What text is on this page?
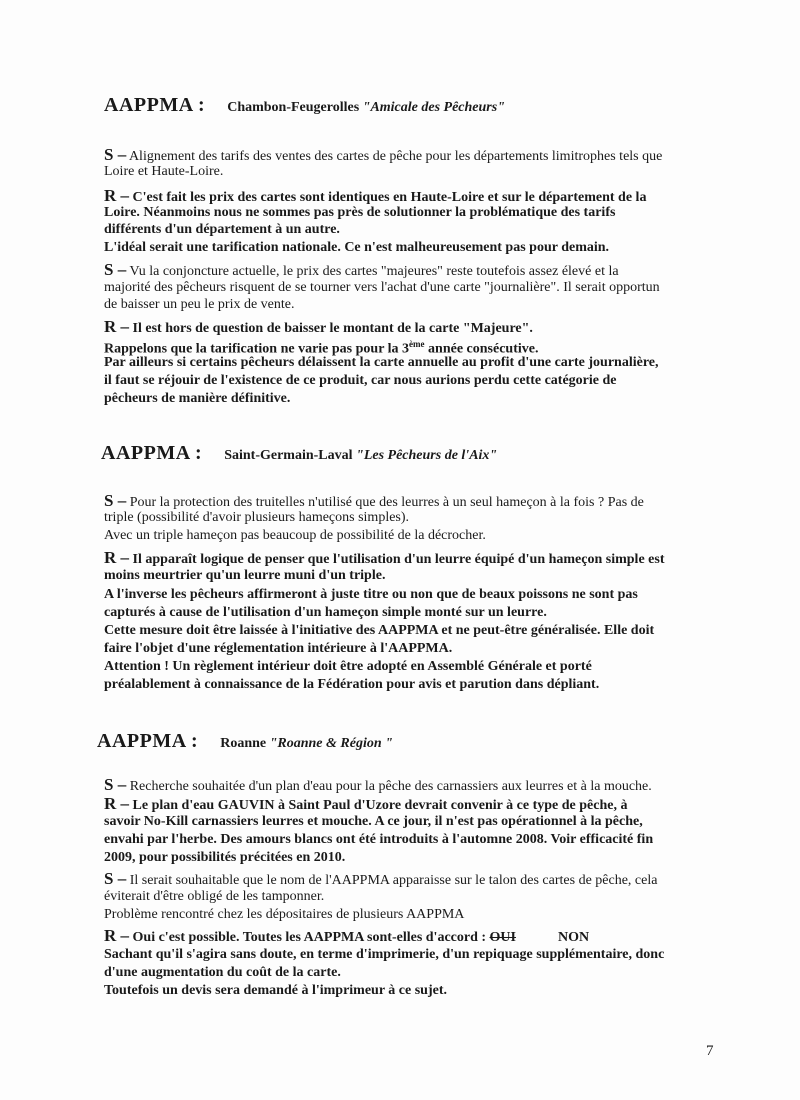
AAPPMA : Chambon-Feugerolles "Amicale des Pêcheurs"
S – Alignement des tarifs des ventes des cartes de pêche pour les départements limitrophes tels que
Loire et Haute-Loire.
R – C'est fait les prix des cartes sont identiques en Haute-Loire et sur le département de la
Loire. Néanmoins nous ne sommes pas près de solutionner la problématique des tarifs
différents d'un département à un autre.
L'idéal serait une tarification nationale. Ce n'est malheureusement pas pour demain.
S – Vu la conjoncture actuelle, le prix des cartes "majeures" reste toutefois assez élevé et la
majorité des pêcheurs risquent de se tourner vers l'achat d'une carte "journalière". Il serait opportun
de baisser un peu le prix de vente.
R – Il est hors de question de baisser le montant de la carte "Majeure".
Rappelons que la tarification ne varie pas pour la 3ème année consécutive.
Par ailleurs si certains pêcheurs délaissent la carte annuelle au profit d'une carte journalière,
il faut se réjouir de l'existence de ce produit, car nous aurions perdu cette catégorie de
pêcheurs de manière définitive.
AAPPMA : Saint-Germain-Laval "Les Pêcheurs de l'Aix"
S – Pour la protection des truitelles n'utilisé que des leurres à un seul hameçon à la fois ? Pas de
triple (possibilité d'avoir plusieurs hameçons simples).
Avec un triple hameçon pas beaucoup de possibilité de la décrocher.
R – Il apparaît logique de penser que l'utilisation d'un leurre équipé d'un hameçon simple est
moins meurtrier qu'un leurre muni d'un triple.
A l'inverse les pêcheurs affirmeront à juste titre ou non que de beaux poissons ne sont pas
capturés à cause de l'utilisation d'un hameçon simple monté sur un leurre.
Cette mesure doit être laissée à l'initiative des AAPPMA et ne peut-être généralisée. Elle doit
faire l'objet d'une réglementation intérieure à l'AAPPMA.
Attention ! Un règlement intérieur doit être adopté en Assemblé Générale et porté
préalablement à connaissance de la Fédération pour avis et parution dans dépliant.
AAPPMA : Roanne "Roanne & Région "
S – Recherche souhaitée d'un plan d'eau pour la pêche des carnassiers aux leurres et à la mouche.
R – Le plan d'eau GAUVIN à Saint Paul d'Uzore devrait convenir à ce type de pêche, à
savoir No-Kill carnassiers leurres et mouche. A ce jour, il n'est pas opérationnel à la pêche,
envahi par l'herbe. Des amours blancs ont été introduits à l'automne 2008. Voir efficacité fin
2009, pour possibilités précitées en 2010.
S – Il serait souhaitable que le nom de l'AAPPMA apparaisse sur le talon des cartes de pêche, cela
éviterait d'être obligé de les tamponner.
Problème rencontré chez les dépositaires de plusieurs AAPPMA
R – Oui c'est possible. Toutes les AAPPMA sont-elles d'accord : OUI            NON
Sachant qu'il s'agira sans doute, en terme d'imprimerie, d'un repiquage supplémentaire, donc
d'une augmentation du coût de la carte.
Toutefois un devis sera demandé à l'imprimeur à ce sujet.
7
